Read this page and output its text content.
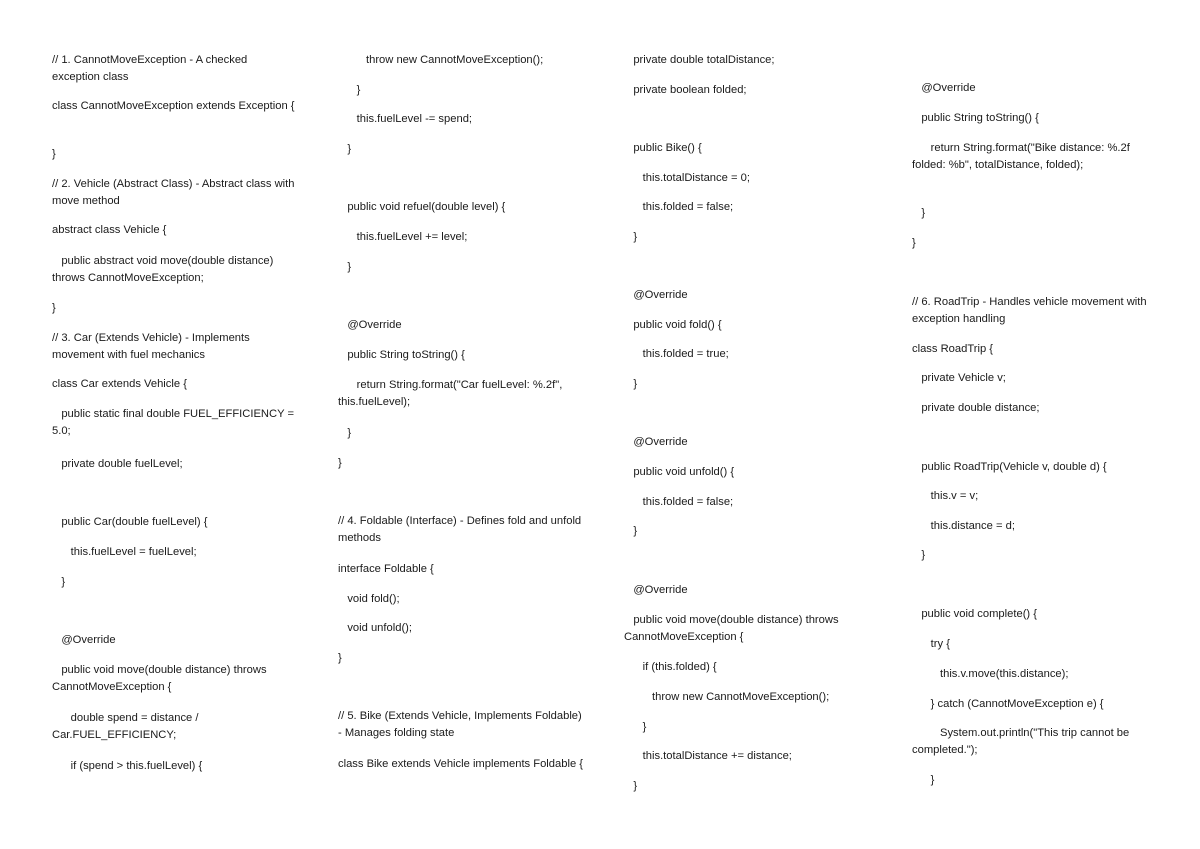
// 1. CannotMoveException - A checked exception class

class CannotMoveException extends Exception {

}

// 2. Vehicle (Abstract Class) - Abstract class with move method

abstract class Vehicle {

public abstract void move(double distance) throws CannotMoveException;

}

// 3. Car (Extends Vehicle) - Implements movement with fuel mechanics

class Car extends Vehicle {

public static final double FUEL_EFFICIENCY = 5.0;

private double fuelLevel;

public Car(double fuelLevel) {

this.fuelLevel = fuelLevel;

}

@Override

public void move(double distance) throws CannotMoveException {

double spend = distance / Car.FUEL_EFFICIENCY;

if (spend > this.fuelLevel) {

throw new CannotMoveException();

}

this.fuelLevel -= spend;

}

public void refuel(double level) {

this.fuelLevel += level;

}

@Override

public String toString() {

return String.format("Car fuelLevel: %.2f", this.fuelLevel);

}

}

// 4. Foldable (Interface) - Defines fold and unfold methods

interface Foldable {

void fold();

void unfold();

}

// 5. Bike (Extends Vehicle, Implements Foldable) - Manages folding state

class Bike extends Vehicle implements Foldable {

private double totalDistance;

private boolean folded;

public Bike() {

this.totalDistance = 0;

this.folded = false;

}

@Override

public void fold() {

this.folded = true;

}

@Override

public void unfold() {

this.folded = false;

}

@Override

public void move(double distance) throws CannotMoveException {

if (this.folded) {

throw new CannotMoveException();

}

this.totalDistance += distance;

}

@Override

public String toString() {

return String.format("Bike distance: %.2f folded: %b", totalDistance, folded);

}

}

// 6. RoadTrip - Handles vehicle movement with exception handling

class RoadTrip {

private Vehicle v;

private double distance;

public RoadTrip(Vehicle v, double d) {

this.v = v;

this.distance = d;

}

public void complete() {

try {

this.v.move(this.distance);

} catch (CannotMoveException e) {

System.out.println("This trip cannot be completed.");

}
